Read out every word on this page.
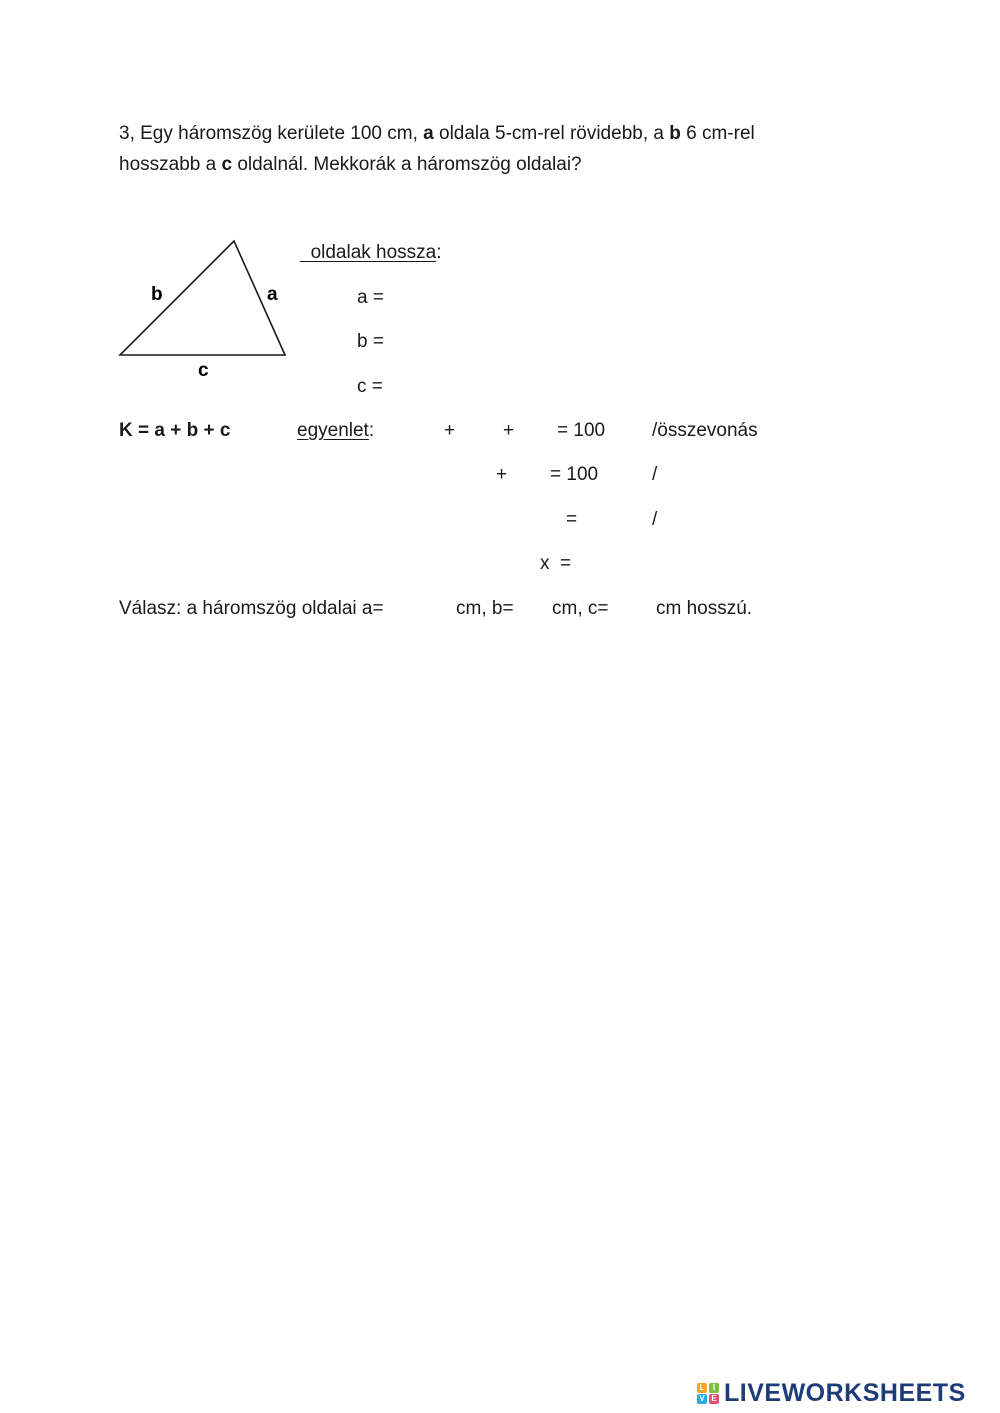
3, Egy háromszög kerülete 100 cm, a oldala 5-cm-rel rövidebb, a b 6 cm-rel
hosszabb a c oldalnál. Mekkorák a háromszög oldalai?
b	a
c
oldalak hossza:
a =
b =
c =
K = a + b + c	egyenlet:	+	+ = 100 /összevonás
+ = 100	/
=	/
x  =
Válasz: a háromszög oldalai a=	cm, b= cm, c=	cm hosszú.
L	I
V E LIVEWORKSHEETS
